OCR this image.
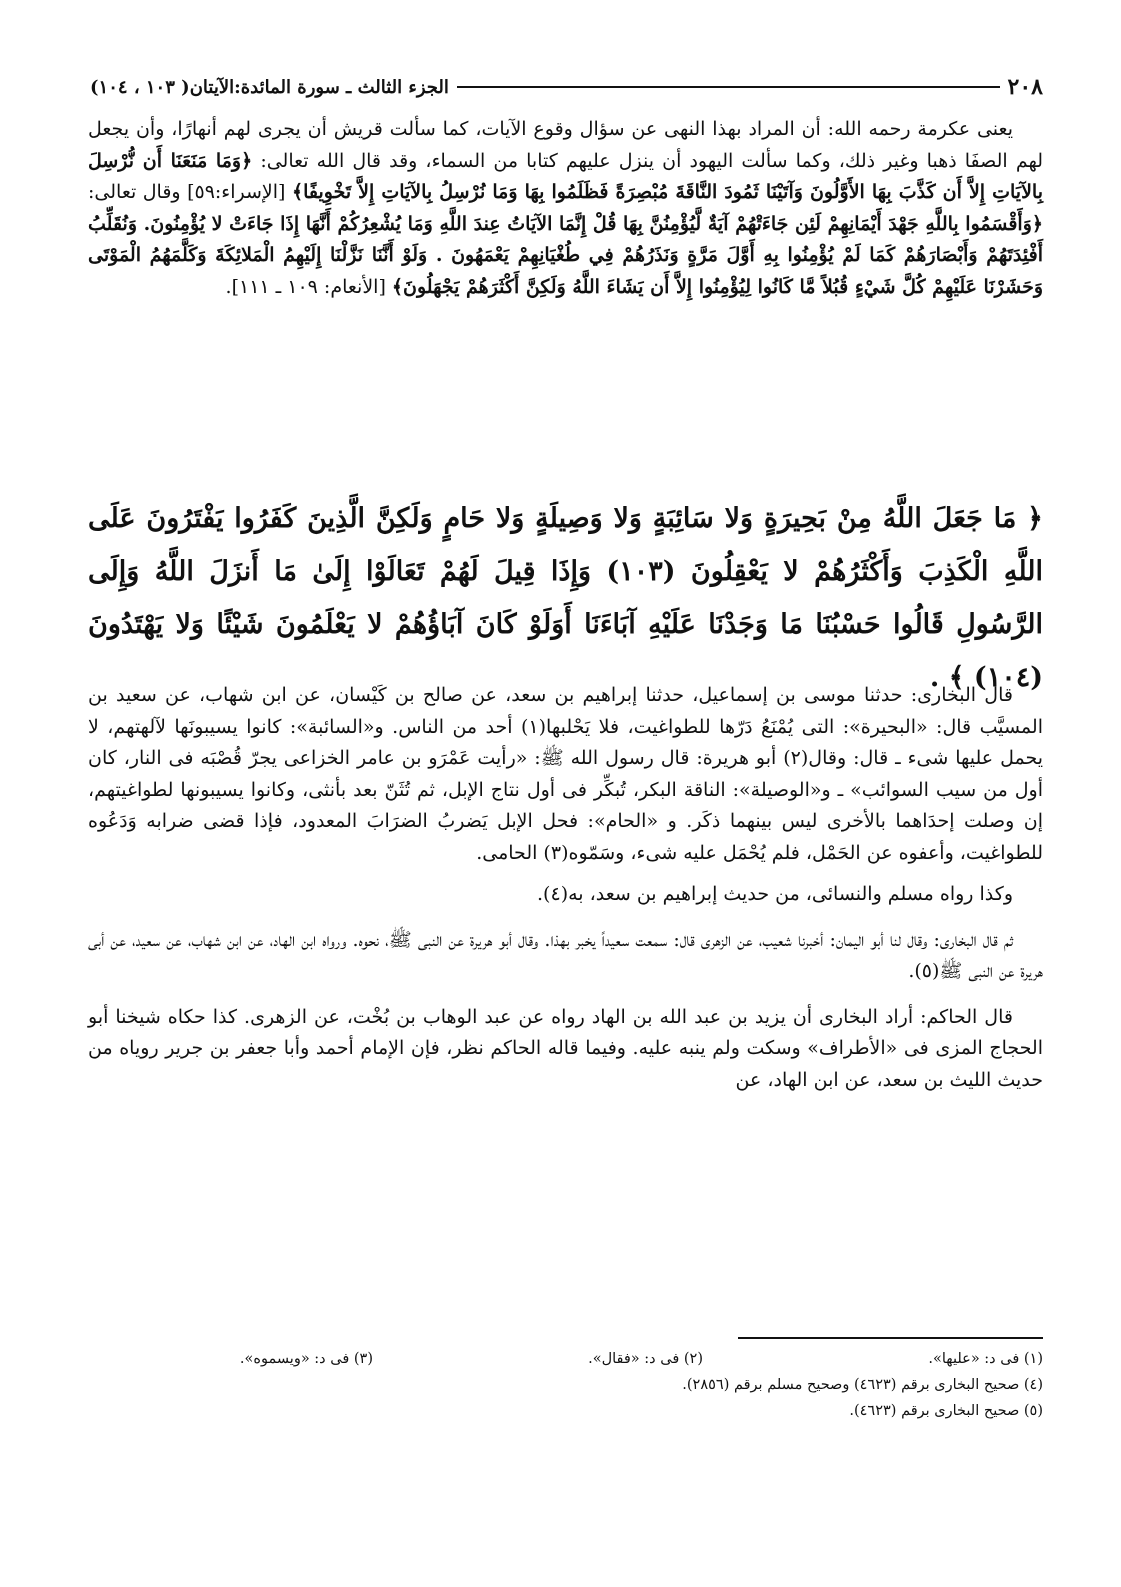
٢٠٨
الجزء الثالث ـ سورة المائدة:الآيتان( ١٠٣ ، ١٠٤)

يعنى عكرمة رحمه الله: أن المراد بهذا النهى عن سؤال وقوع الآيات، كما سألت قريش أن يجرى لهم أنهارًا، وأن يجعل لهم الصفَا ذهبا وغير ذلك، وكما سألت اليهود أن ينزل عليهم كتابا من السماء، وقد قال الله تعالى: ﴿وَمَا مَنَعَنَا أَن نُّرْسِلَ بِالآيَاتِ إِلاَّ أَن كَذَّبَ بِهَا الأَوَّلُونَ وَآتَيْنَا ثَمُودَ النَّاقَةَ مُبْصِرَةً فَظَلَمُوا بِهَا وَمَا نُرْسِلُ بِالآيَاتِ إِلاَّ تَخْوِيفًا﴾ [الإسراء:٥٩] وقال تعالى: ﴿وَأَقْسَمُوا بِاللَّهِ جَهْدَ أَيْمَانِهِمْ لَئِن جَاءَتْهُمْ آيَةٌ لَّيُؤْمِنُنَّ بِهَا قُلْ إِنَّمَا الآيَاتُ عِندَ اللَّهِ وَمَا يُشْعِرُكُمْ أَنَّهَا إِذَا جَاءَتْ لا يُؤْمِنُونَ. وَنُقَلِّبُ أَفْئِدَتَهُمْ وَأَبْصَارَهُمْ كَمَا لَمْ يُؤْمِنُوا بِهِ أَوَّلَ مَرَّةٍ وَنَذَرُهُمْ فِي طُغْيَانِهِمْ يَعْمَهُونَ . وَلَوْ أَنَّنَا نَزَّلْنَا إِلَيْهِمُ الْمَلائِكَةَ وَكَلَّمَهُمُ الْمَوْتَى وَحَشَرْنَا عَلَيْهِمْ كُلَّ شَيْءٍ قُبُلاً مَّا كَانُوا لِيُؤْمِنُوا إِلاَّ أَن يَشَاءَ اللَّهُ وَلَكِنَّ أَكْثَرَهُمْ يَجْهَلُونَ﴾ [الأنعام: ١٠٩ ـ ١١١].

﴿ مَا جَعَلَ اللَّهُ مِنْ بَحِيرَةٍ وَلا سَائِبَةٍ وَلا وَصِيلَةٍ وَلا حَامٍ وَلَكِنَّ الَّذِينَ كَفَرُوا يَفْتَرُونَ عَلَى اللَّهِ الْكَذِبَ وَأَكْثَرُهُمْ لا يَعْقِلُونَ (١٠٣) وَإِذَا قِيلَ لَهُمْ تَعَالَوْا إِلَىٰ مَا أَنزَلَ اللَّهُ وَإِلَى الرَّسُولِ قَالُوا حَسْبُنَا مَا وَجَدْنَا عَلَيْهِ آبَاءَنَا أَوَلَوْ كَانَ آبَاؤُهُمْ لا يَعْلَمُونَ شَيْئًا وَلا يَهْتَدُونَ (١٠٤) ﴾ .

قال البخارى: حدثنا موسى بن إسماعيل، حدثنا إبراهيم بن سعد، عن صالح بن كَيْسان، عن ابن شهاب، عن سعيد بن المسيَّب قال: «البحيرة»: التى يُمْنَعُ دَرّها للطواغيت، فلا يَحْلبها(١) أحد من الناس. و«السائبة»: كانوا يسيبونَها لآلهتهم، لا يحمل عليها شىء ـ قال: وقال(٢) أبو هريرة: قال رسول الله ﷺ: «رأيت عَمْرَو بن عامر الخزاعى يجرّ قُصْبَه فى النار، كان أول من سيب السوائب» ـ و«الوصيلة»: الناقة البكر، تُبكِّر فى أول نتاج الإبل، ثم تُثَنّ بعد بأنثى، وكانوا يسيبونها لطواغيتهم، إن وصلت إحدَاهما بالأخرى ليس بينهما ذكَر. و «الحام»: فحل الإبل يَضربُ الضرَابَ المعدود، فإذا قضى ضرابه وَدَعُوه للطواغيت، وأعفوه عن الحَمْل، فلم يُحْمَل عليه شىء، وسَمّوه(٣) الحامى.

وكذا رواه مسلم والنسائى، من حديث إبراهيم بن سعد، به(٤).

ثم قال البخارى: وقال لنا أبو اليمان: أخبرنا شعيب، عن الزهرى قال: سمعت سعيداً يخبر بهذا. وقال أبو هريرة عن النبى ﷺ، نحوه. ورواه ابن الهاد، عن ابن شهاب، عن سعيد، عن أبى هريرة عن النبى ﷺ(٥).

قال الحاكم: أراد البخارى أن يزيد بن عبد الله بن الهاد رواه عن عبد الوهاب بن بُخْت، عن الزهرى. كذا حكاه شيخنا أبو الحجاج المزى فى «الأطراف» وسكت ولم ينبه عليه. وفيما قاله الحاكم نظر، فإن الإمام أحمد وأبا جعفر بن جرير روياه من حديث الليث بن سعد، عن ابن الهاد، عن

(١) فى د: «عليها».
(٢) فى د: «فقال».
(٣) فى د: «ويسموه».
(٤) صحيح البخارى برقم (٤٦٢٣) وصحيح مسلم برقم (٢٨٥٦).
(٥) صحيح البخارى برقم (٤٦٢٣).
